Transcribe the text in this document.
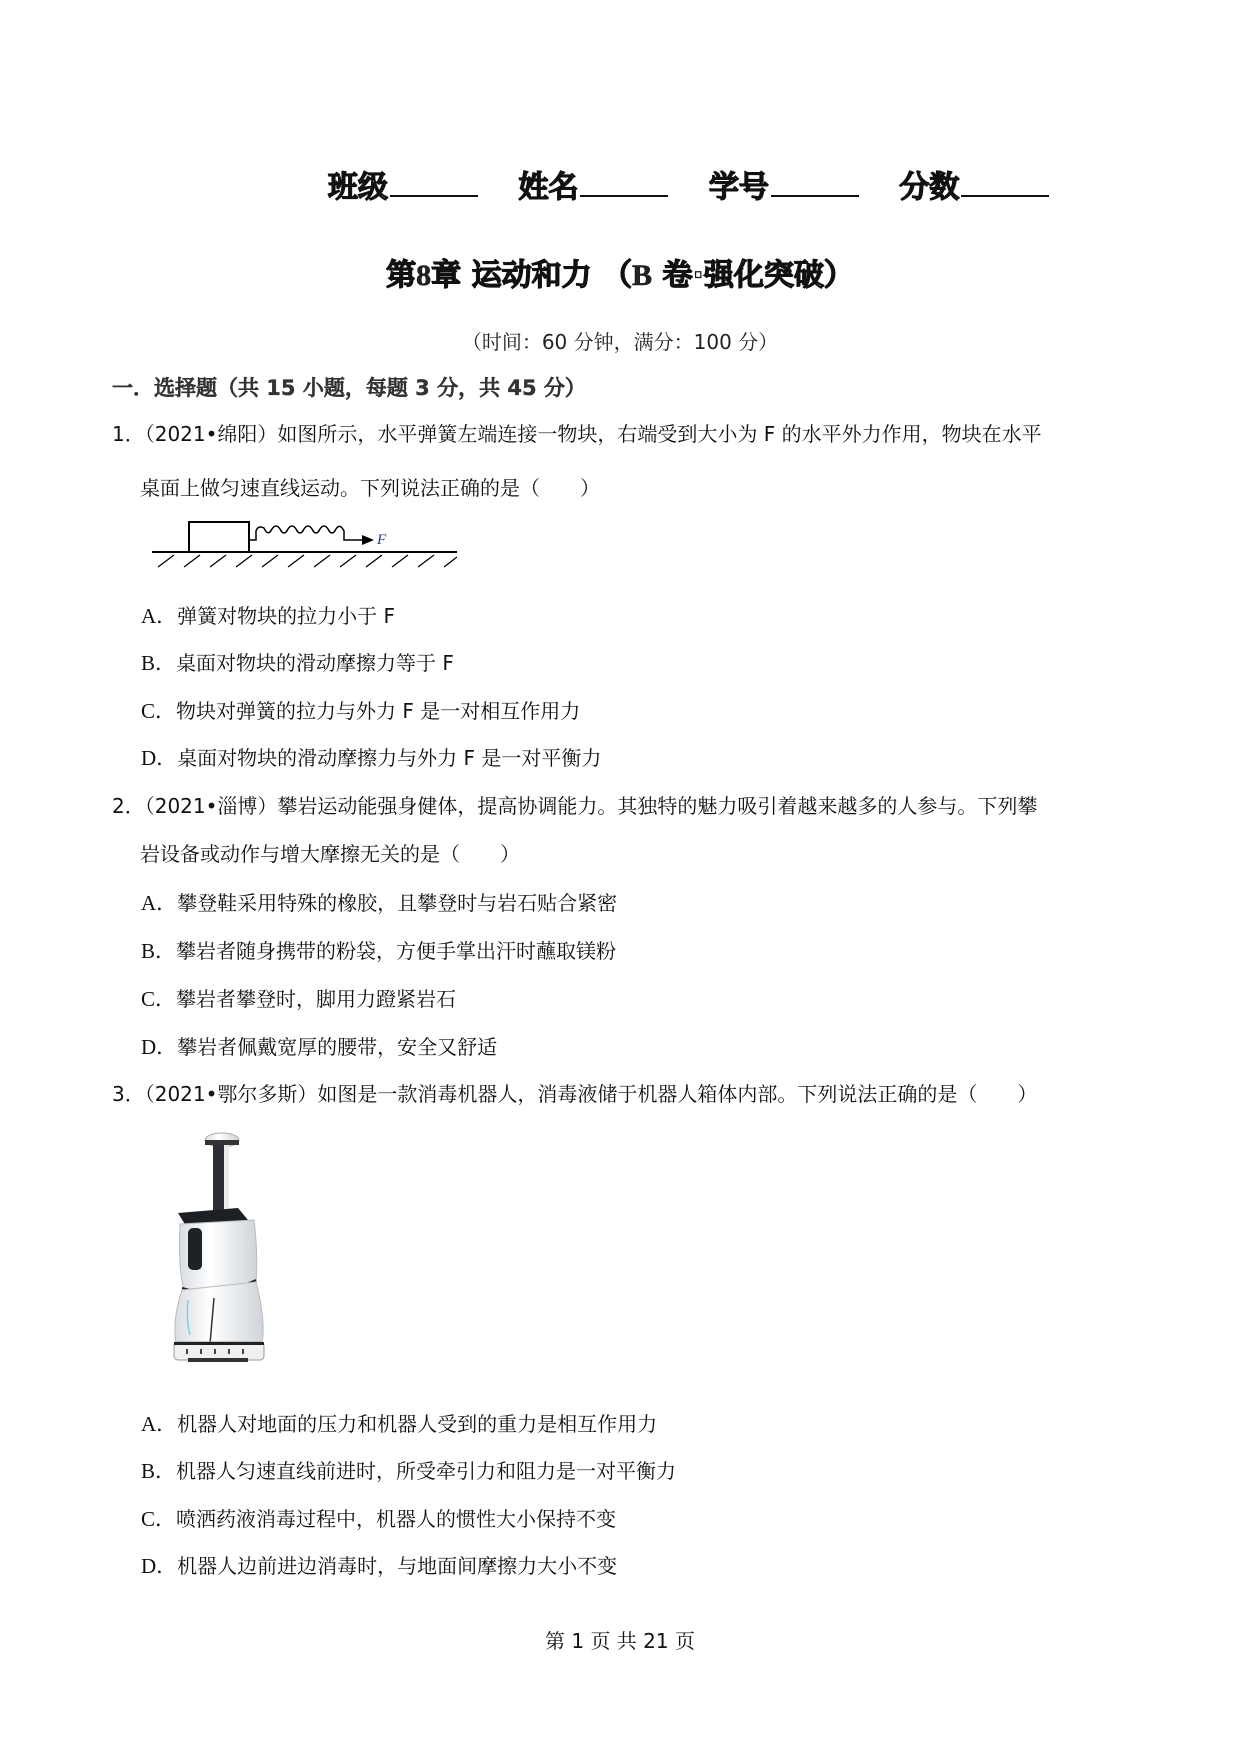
班级	姓名	学号	分数
第8章 运动和力 （B 卷·强化突破）
（时间：60 分钟，满分：100 分）
一．选择题（共 15 小题，每题 3 分，共 45 分）
1．（2021•绵阳）如图所示，水平弹簧左端连接一物块，右端受到大小为 F 的水平外力作用，物块在水平
桌面上做匀速直线运动。下列说法正确的是（　　）
F
A．弹簧对物块的拉力小于 F
B．桌面对物块的滑动摩擦力等于 F
C．物块对弹簧的拉力与外力 F 是一对相互作用力
D．桌面对物块的滑动摩擦力与外力 F 是一对平衡力
2．（2021•淄博）攀岩运动能强身健体，提高协调能力。其独特的魅力吸引着越来越多的人参与。下列攀
岩设备或动作与增大摩擦无关的是（　　）
A．攀登鞋采用特殊的橡胶，且攀登时与岩石贴合紧密
B．攀岩者随身携带的粉袋，方便手掌出汗时蘸取镁粉
C．攀岩者攀登时，脚用力蹬紧岩石
D．攀岩者佩戴宽厚的腰带，安全又舒适
3．（2021•鄂尔多斯）如图是一款消毒机器人，消毒液储于机器人箱体内部。下列说法正确的是（　　）
A．机器人对地面的压力和机器人受到的重力是相互作用力
B．机器人匀速直线前进时，所受牵引力和阻力是一对平衡力
C．喷洒药液消毒过程中，机器人的惯性大小保持不变
D．机器人边前进边消毒时，与地面间摩擦力大小不变
第 1 页 共 21 页
